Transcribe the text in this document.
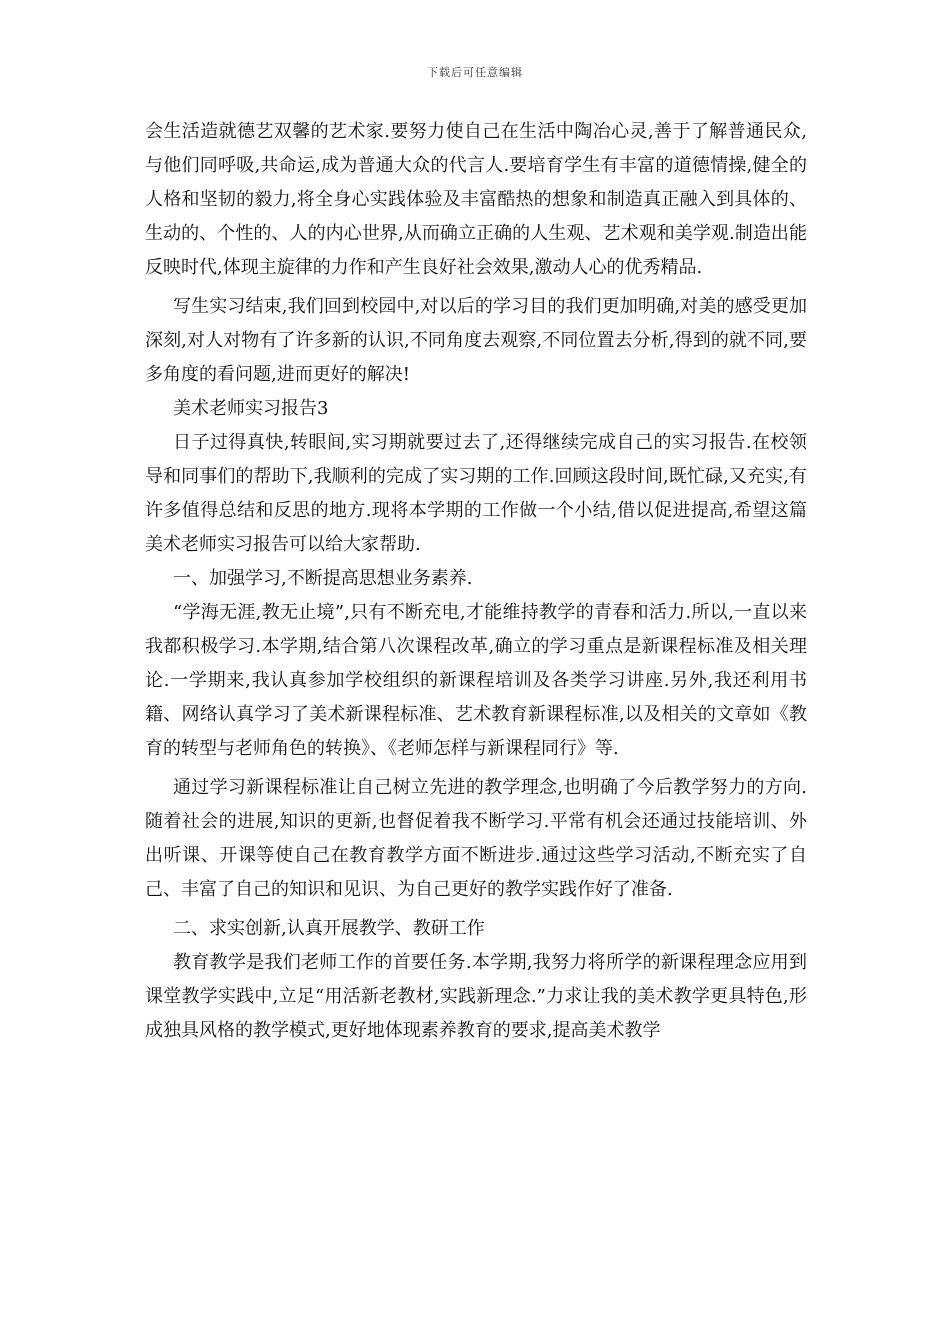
下载后可任意编辑

会生活造就德艺双馨的艺术家.要努力使自己在生活中陶冶心灵,善于了解普通民众,与他们同呼吸,共命运,成为普通大众的代言人.要培育学生有丰富的道德情操,健全的人格和坚韧的毅力,将全身心实践体验及丰富酷热的想象和制造真正融入到具体的、生动的、个性的、人的内心世界,从而确立正确的人生观、艺术观和美学观.制造出能反映时代,体现主旋律的力作和产生良好社会效果,激动人心的优秀精品.

写生实习结束,我们回到校园中,对以后的学习目的我们更加明确,对美的感受更加深刻,对人对物有了许多新的认识,不同角度去观察,不同位置去分析,得到的就不同,要多角度的看问题,进而更好的解决!

美术老师实习报告3

日子过得真快,转眼间,实习期就要过去了,还得继续完成自己的实习报告.在校领导和同事们的帮助下,我顺利的完成了实习期的工作.回顾这段时间,既忙碌,又充实,有许多值得总结和反思的地方.现将本学期的工作做一个小结,借以促进提高,希望这篇美术老师实习报告可以给大家帮助.

一、加强学习,不断提高思想业务素养.

“学海无涯,教无止境”,只有不断充电,才能维持教学的青春和活力.所以,一直以来我都积极学习.本学期,结合第八次课程改革,确立的学习重点是新课程标准及相关理论.一学期来,我认真参加学校组织的新课程培训及各类学习讲座.另外,我还利用书籍、网络认真学习了美术新课程标准、艺术教育新课程标准,以及相关的文章如《教育的转型与老师角色的转换》、《老师怎样与新课程同行》等.

通过学习新课程标准让自己树立先进的教学理念,也明确了今后教学努力的方向.随着社会的进展,知识的更新,也督促着我不断学习.平常有机会还通过技能培训、外出听课、开课等使自己在教育教学方面不断进步.通过这些学习活动,不断充实了自己、丰富了自己的知识和见识、为自己更好的教学实践作好了准备.

二、求实创新,认真开展教学、教研工作

教育教学是我们老师工作的首要任务.本学期,我努力将所学的新课程理念应用到课堂教学实践中,立足“用活新老教材,实践新理念.”力求让我的美术教学更具特色,形成独具风格的教学模式,更好地体现素养教育的要求,提高美术教学
